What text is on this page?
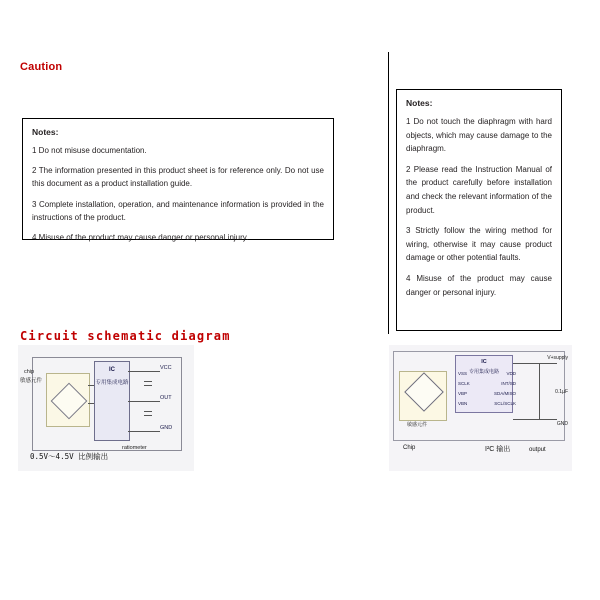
Caution
Notes:

1 Do not misuse documentation.

2 The information presented in this product sheet is for reference only. Do not use this document as a product installation guide.

3 Complete installation, operation, and maintenance information is provided in the instructions of the product.

4 Misuse of the product may cause danger or personal injury.

Notes:

1 Do not touch the diaphragm with hard objects, which may cause damage to the diaphragm.

2 Please read the Instruction Manual of the product carefully before installation and check the relevant information of the product.

3 Strictly follow the wiring method for wiring, otherwise it may cause product damage or other potential faults.

4 Misuse of the product may cause danger or personal injury.

Circuit schematic diagram
chip
敏感元件
IC
专用集成电路
VCC
OUT
GND
0.5V～4.5V 比例输出
ratiometer
敏感元件
IC
专用集成电路
VSS
SCLK
VBP
VBN
VDD
INT/SD
SDA/MISO
SCL/SCLK
V+supply
0.1µF
GND
Chip	I²C 输出	output
